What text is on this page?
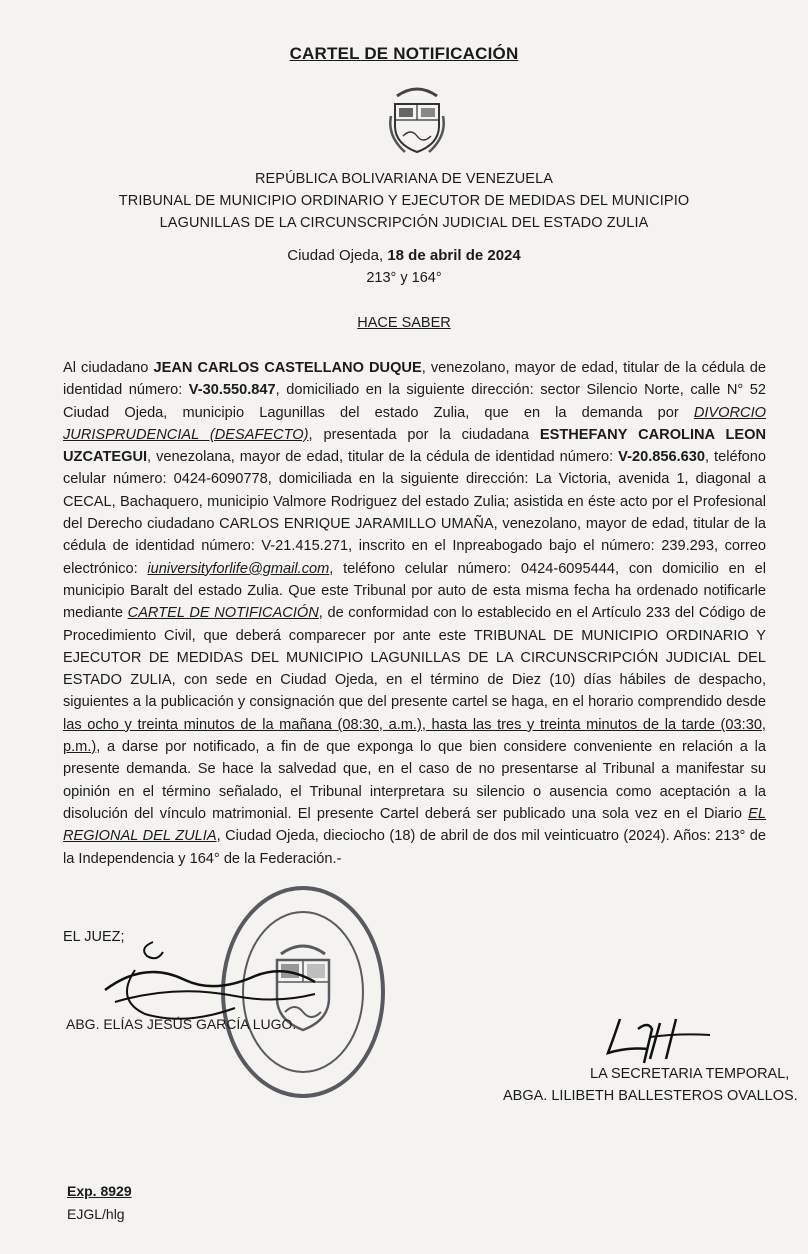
CARTEL DE NOTIFICACIÓN
REPÚBLICA BOLIVARIANA DE VENEZUELA
TRIBUNAL DE MUNICIPIO ORDINARIO Y EJECUTOR DE MEDIDAS DEL MUNICIPIO
LAGUNILLAS DE LA CIRCUNSCRIPCIÓN JUDICIAL DEL ESTADO ZULIA
Ciudad Ojeda, 18 de abril de 2024
213° y 164°
HACE SABER
Al ciudadano JEAN CARLOS CASTELLANO DUQUE, venezolano, mayor de edad, titular de la cédula de identidad número: V-30.550.847, domiciliado en la siguiente dirección: sector Silencio Norte, calle N° 52 Ciudad Ojeda, municipio Lagunillas del estado Zulia, que en la demanda por DIVORCIO JURISPRUDENCIAL (DESAFECTO), presentada por la ciudadana ESTHEFANY CAROLINA LEON UZCATEGUI, venezolana, mayor de edad, titular de la cédula de identidad número: V-20.856.630, teléfono celular número: 0424-6090778, domiciliada en la siguiente dirección: La Victoria, avenida 1, diagonal a CECAL, Bachaquero, municipio Valmore Rodriguez del estado Zulia; asistida en éste acto por el Profesional del Derecho ciudadano CARLOS ENRIQUE JARAMILLO UMAÑA, venezolano, mayor de edad, titular de la cédula de identidad número: V-21.415.271, inscrito en el Inpreabogado bajo el número: 239.293, correo electrónico: iuniversityforlife@gmail.com, teléfono celular número: 0424-6095444, con domicilio en el municipio Baralt del estado Zulia. Que este Tribunal por auto de esta misma fecha ha ordenado notificarle mediante CARTEL DE NOTIFICACIÓN, de conformidad con lo establecido en el Artículo 233 del Código de Procedimiento Civil, que deberá comparecer por ante este TRIBUNAL DE MUNICIPIO ORDINARIO Y EJECUTOR DE MEDIDAS DEL MUNICIPIO LAGUNILLAS DE LA CIRCUNSCRIPCIÓN JUDICIAL DEL ESTADO ZULIA, con sede en Ciudad Ojeda, en el término de Diez (10) días hábiles de despacho, siguientes a la publicación y consignación que del presente cartel se haga, en el horario comprendido desde las ocho y treinta minutos de la mañana (08:30, a.m.), hasta las tres y treinta minutos de la tarde (03:30, p.m.), a darse por notificado, a fin de que exponga lo que bien considere conveniente en relación a la presente demanda. Se hace la salvedad que, en el caso de no presentarse al Tribunal a manifestar su opinión en el término señalado, el Tribunal interpretara su silencio o ausencia como aceptación a la disolución del vínculo matrimonial. El presente Cartel deberá ser publicado una sola vez en el Diario EL REGIONAL DEL ZULIA, Ciudad Ojeda, dieciocho (18) de abril de dos mil veinticuatro (2024). Años: 213° de la Independencia y 164° de la Federación.-
EL JUEZ;
ABG. ELÍAS JESÚS GARCÍA LUGO.
LA SECRETARIA TEMPORAL,
ABGA. LILIBETH BALLESTEROS OVALLOS.
Exp. 8929
EJGL/hlg
